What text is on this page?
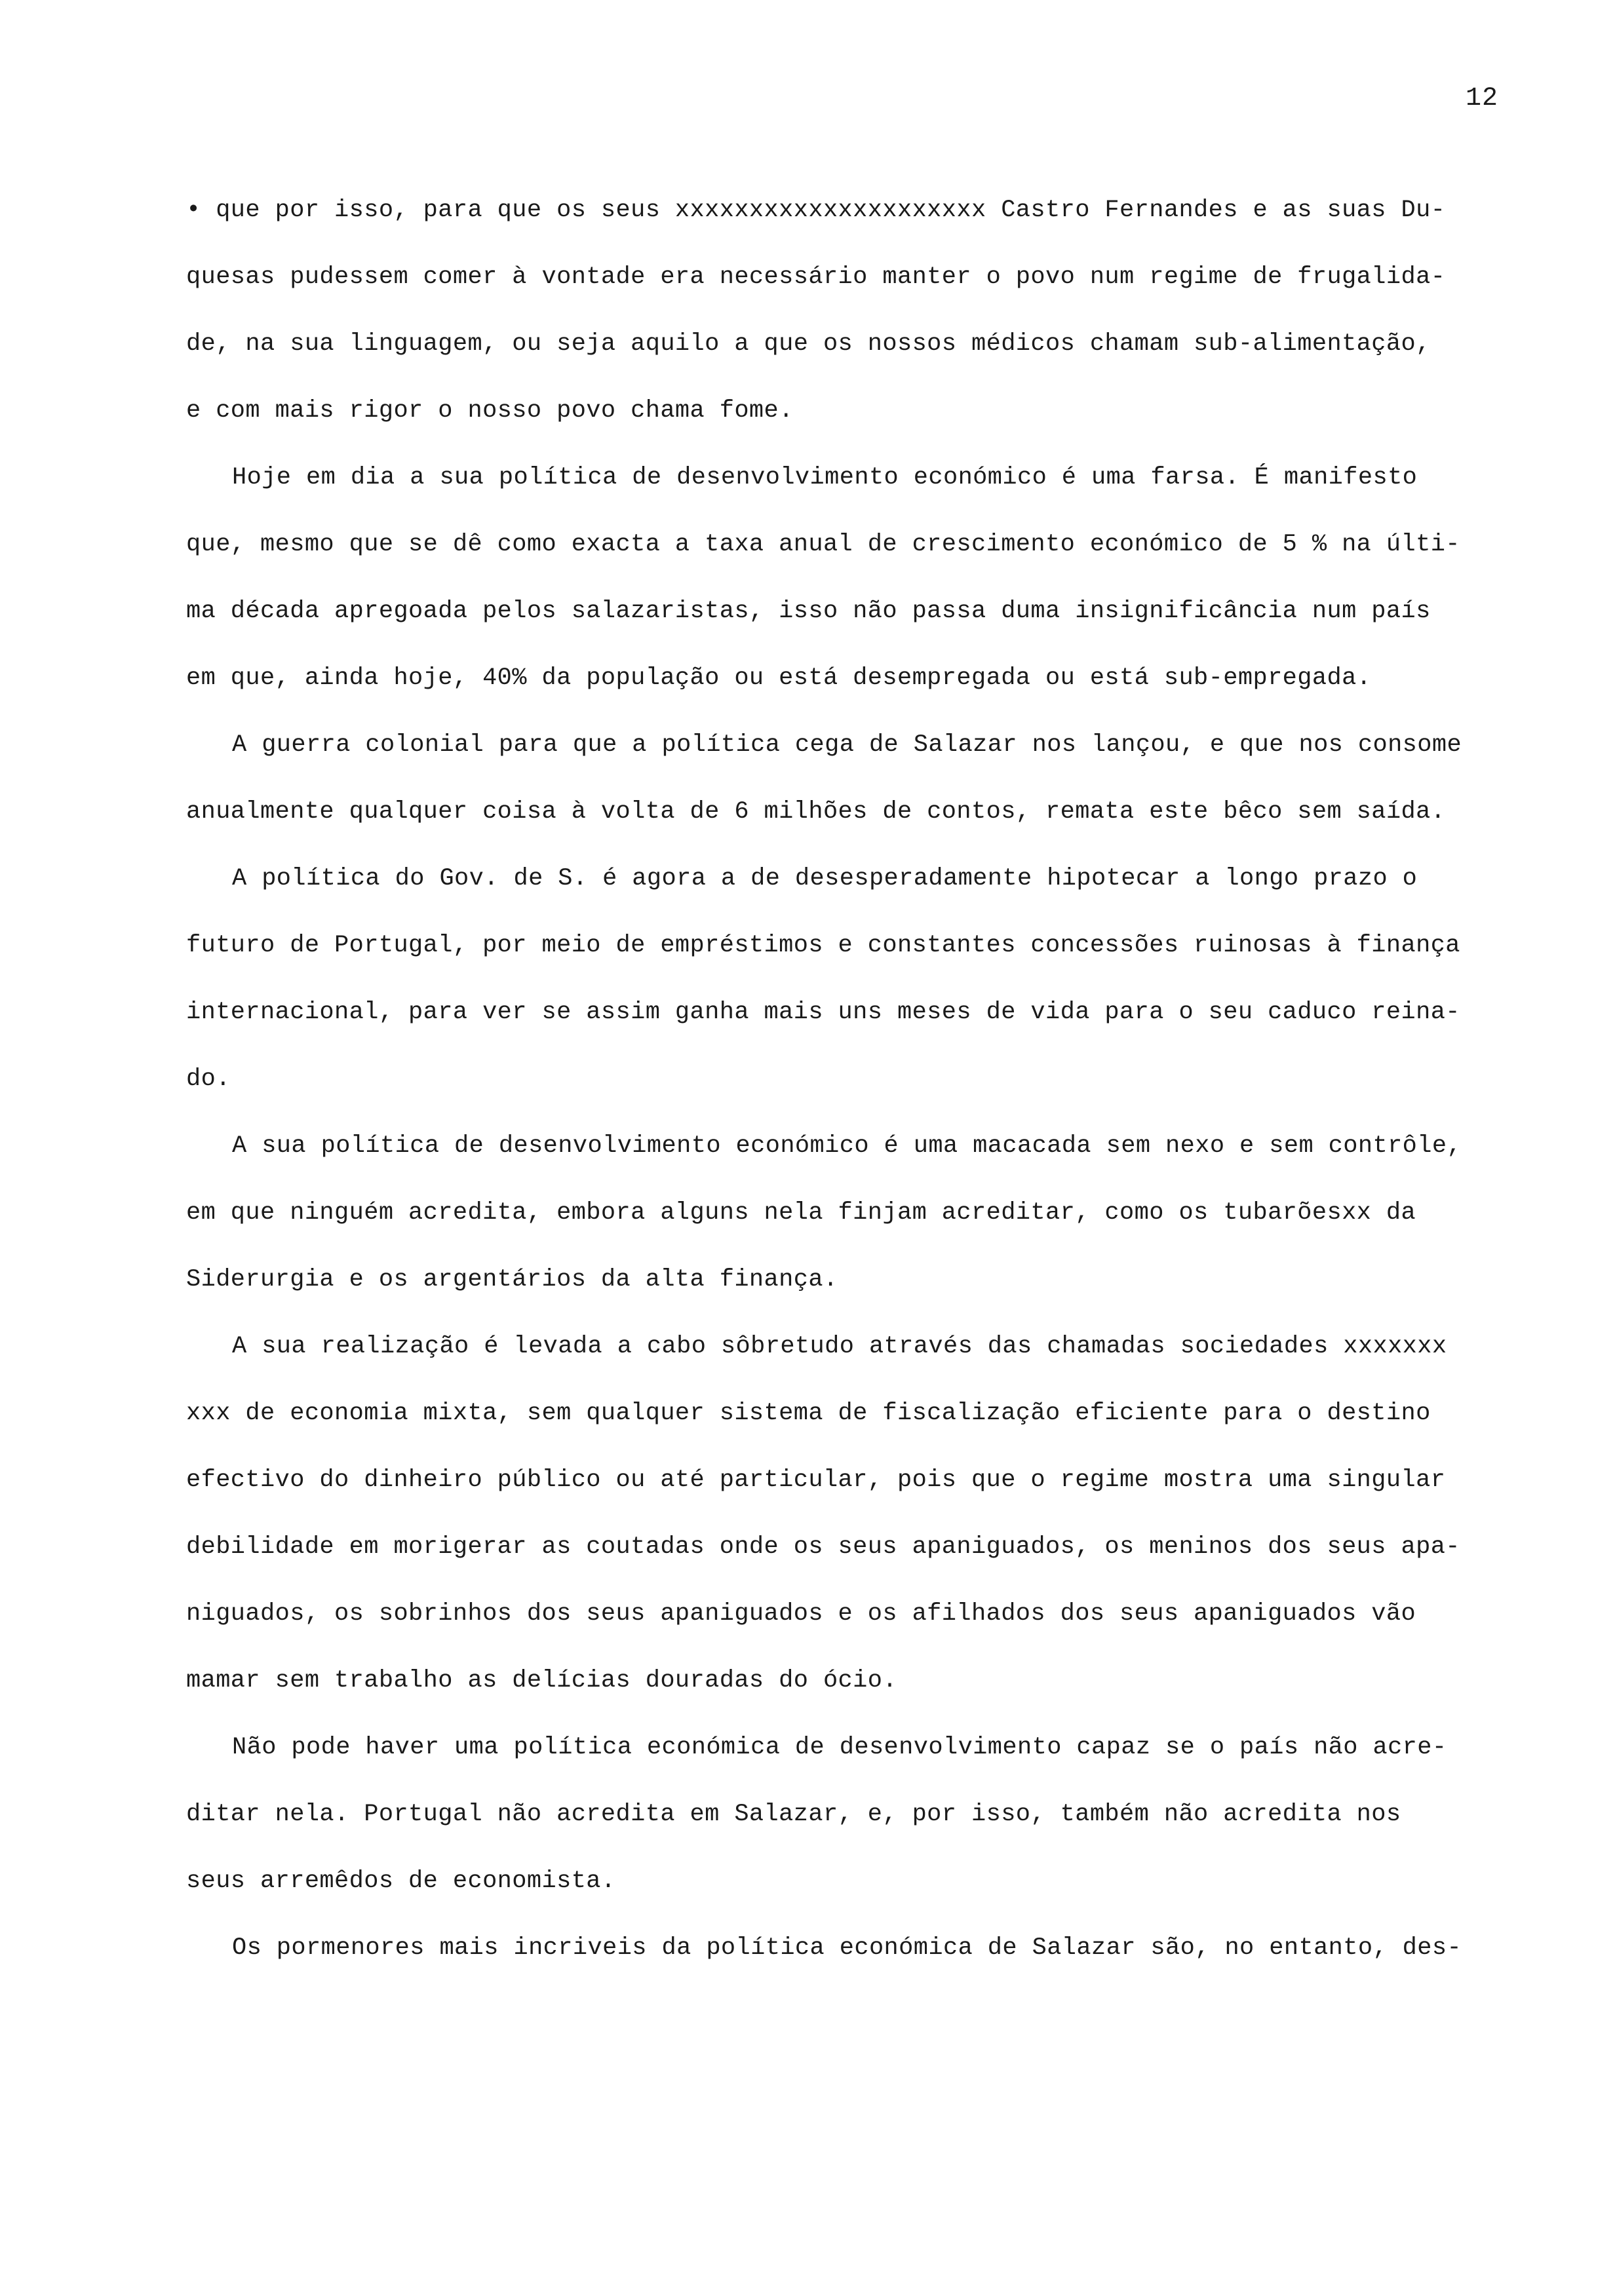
12
• que por isso, para que os seus xxxxxxxxxxxxxxxxxxxxx Castro Fernandes e as suas Du-
quesas pudessem comer à vontade era necessário manter o povo num regime de frugalida-
de, na sua linguagem, ou seja aquilo a que os nossos médicos chamam sub-alimentação,
e com mais rigor o nosso povo chama fome.
Hoje em dia a sua política de desenvolvimento económico é uma farsa. É manifesto
que, mesmo que se dê como exacta a taxa anual de crescimento económico de 5 % na últi-
ma década apregoada pelos salazaristas, isso não passa duma insignificância num país
em que, ainda hoje, 40% da população ou está desempregada ou está sub-empregada.
A guerra colonial para que a política cega de Salazar nos lançou, e que nos consome
anualmente qualquer coisa à volta de 6 milhões de contos, remata este bêco sem saída.
A política do Gov. de S. é agora a de desesperadamente hipotecar a longo prazo o
futuro de Portugal, por meio de empréstimos e constantes concessões ruinosas à finança
internacional, para ver se assim ganha mais uns meses de vida para o seu caduco reina-
do.
A sua política de desenvolvimento económico é uma macacada sem nexo e sem contrôle,
em que ninguém acredita, embora alguns nela finjam acreditar, como os tubarõesxx da
Siderurgia e os argentários da alta finança.
A sua realização é levada a cabo sôbretudo através das chamadas sociedades xxxxxxx
xxx de economia mixta, sem qualquer sistema de fiscalização eficiente para o destino
efectivo do dinheiro público ou até particular, pois que o regime mostra uma singular
debilidade em morigerar as coutadas onde os seus apaniguados, os meninos dos seus apa-
niguados, os sobrinhos dos seus apaniguados e os afilhados dos seus apaniguados vão
mamar sem trabalho as delícias douradas do ócio.
Não pode haver uma política económica de desenvolvimento capaz se o país não acre-
ditar nela. Portugal não acredita em Salazar, e, por isso, também não acredita nos
seus arremêdos de economista.
Os pormenores mais incriveis da política económica de Salazar são, no entanto, des-
